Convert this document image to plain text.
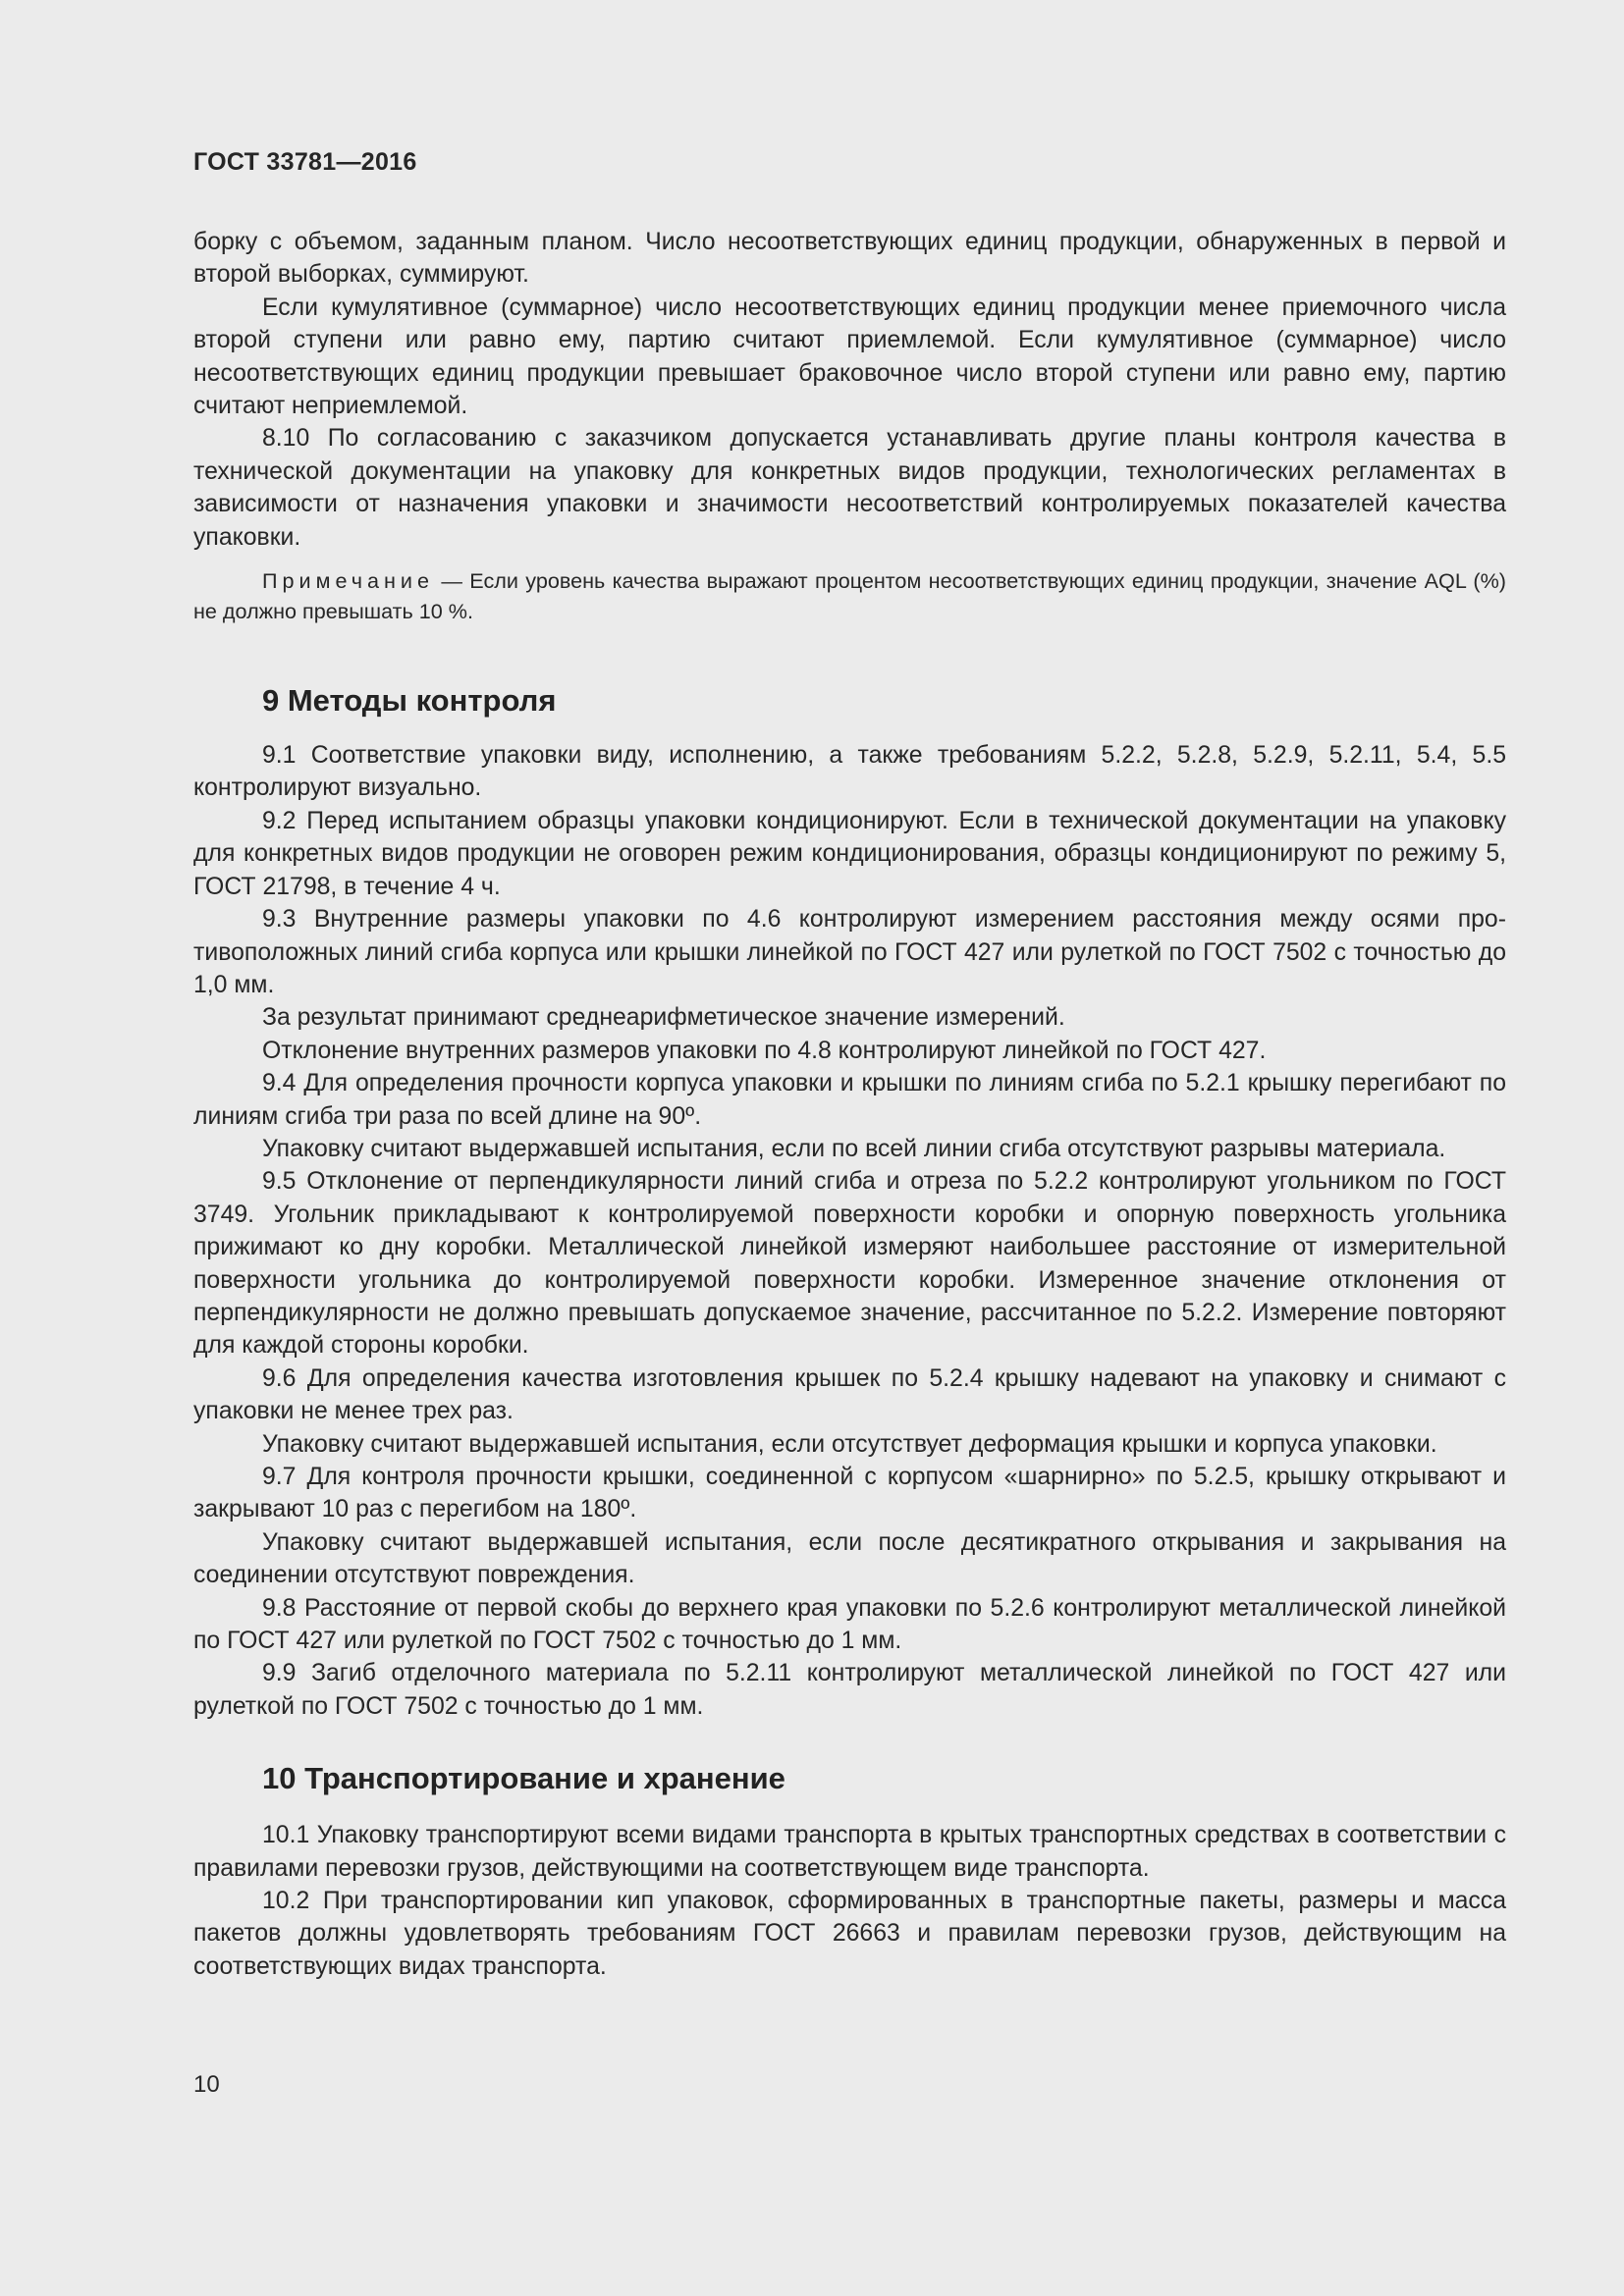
ГОСТ 33781—2016

борку с объемом, заданным планом. Число несоответствующих единиц продукции, обнаруженных в первой и второй выборках, суммируют.

Если кумулятивное (суммарное) число несоответствующих единиц продукции менее приемочного числа второй ступени или равно ему, партию считают приемлемой. Если кумулятивное (суммарное) число несоответствующих единиц продукции превышает браковочное число второй ступени или равно ему, партию считают неприемлемой.

8.10 По согласованию с заказчиком допускается устанавливать другие планы контроля качества в технической документации на упаковку для конкретных видов продукции, технологических регламентах в зависимости от назначения упаковки и значимости несоответствий контролируемых показателей качества упаковки.

Примечание — Если уровень качества выражают процентом несоответствующих единиц продукции, значение AQL (%) не должно превышать 10 %.

9 Методы контроля

9.1 Соответствие упаковки виду, исполнению, а также требованиям 5.2.2, 5.2.8, 5.2.9, 5.2.11, 5.4, 5.5 контролируют визуально.

9.2 Перед испытанием образцы упаковки кондиционируют. Если в технической документации на упаковку для конкретных видов продукции не оговорен режим кондиционирования, образцы кондиционируют по режиму 5, ГОСТ 21798, в течение 4 ч.

9.3 Внутренние размеры упаковки по 4.6 контролируют измерением расстояния между осями противоположных линий сгиба корпуса или крышки линейкой по ГОСТ 427 или рулеткой по ГОСТ 7502 с точностью до 1,0 мм.

За результат принимают среднеарифметическое значение измерений.

Отклонение внутренних размеров упаковки по 4.8 контролируют линейкой по ГОСТ 427.

9.4 Для определения прочности корпуса упаковки и крышки по линиям сгиба по 5.2.1 крышку перегибают по линиям сгиба три раза по всей длине на 90º.

Упаковку считают выдержавшей испытания, если по всей линии сгиба отсутствуют разрывы материала.

9.5 Отклонение от перпендикулярности линий сгиба и отреза по 5.2.2 контролируют угольником по ГОСТ 3749. Угольник прикладывают к контролируемой поверхности коробки и опорную поверхность угольника прижимают ко дну коробки. Металлической линейкой измеряют наибольшее расстояние от измерительной поверхности угольника до контролируемой поверхности коробки. Измеренное значение отклонения от перпендикулярности не должно превышать допускаемое значение, рассчитанное по 5.2.2. Измерение повторяют для каждой стороны коробки.

9.6 Для определения качества изготовления крышек по 5.2.4 крышку надевают на упаковку и снимают с упаковки не менее трех раз.

Упаковку считают выдержавшей испытания, если отсутствует деформация крышки и корпуса упаковки.

9.7 Для контроля прочности крышки, соединенной с корпусом «шарнирно» по 5.2.5, крышку открывают и закрывают 10 раз с перегибом на 180º.

Упаковку считают выдержавшей испытания, если после десятикратного открывания и закрывания на соединении отсутствуют повреждения.

9.8 Расстояние от первой скобы до верхнего края упаковки по 5.2.6 контролируют металлической линейкой по ГОСТ 427 или рулеткой по ГОСТ 7502 с точностью до 1 мм.

9.9 Загиб отделочного материала по 5.2.11 контролируют металлической линейкой по ГОСТ 427 или рулеткой по ГОСТ 7502 с точностью до 1 мм.

10 Транспортирование и хранение

10.1 Упаковку транспортируют всеми видами транспорта в крытых транспортных средствах в соответствии с правилами перевозки грузов, действующими на соответствующем виде транспорта.

10.2 При транспортировании кип упаковок, сформированных в транспортные пакеты, размеры и масса пакетов должны удовлетворять требованиям ГОСТ 26663 и правилам перевозки грузов, действующим на соответствующих видах транспорта.

10
